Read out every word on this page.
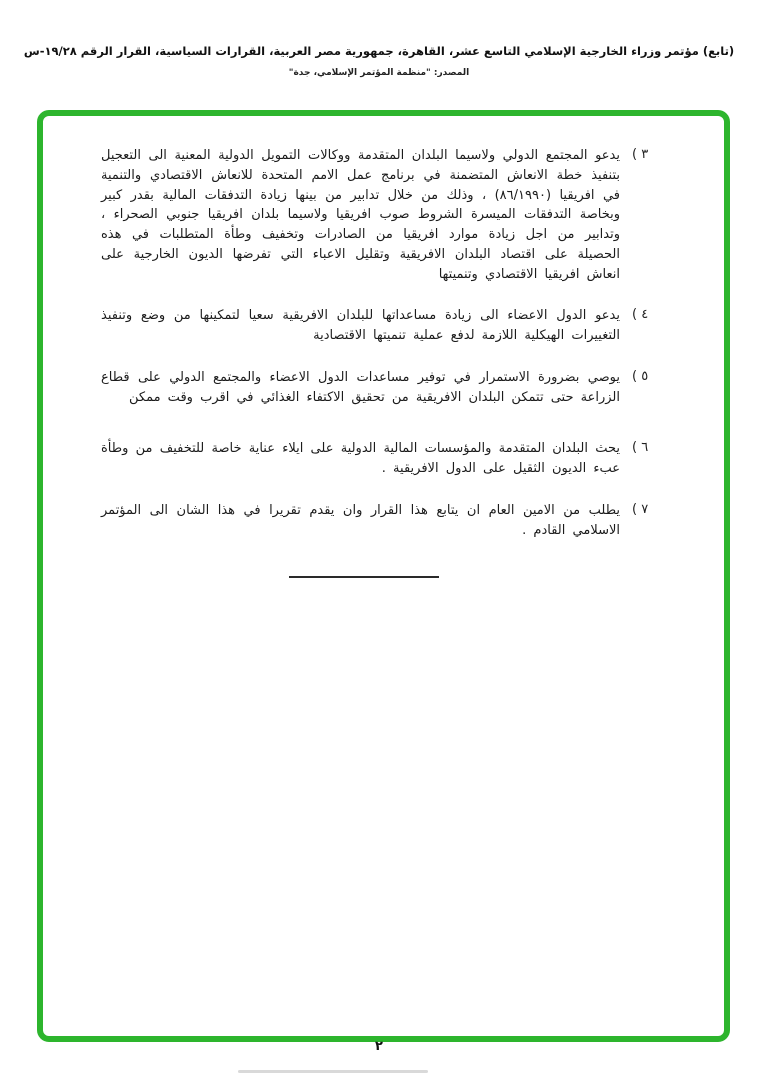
(تابع) مؤتمر وزراء الخارجية الإسلامي التاسع عشر، القاهرة، جمهورية مصر العربية، القرارات السياسية، القرار الرقم ١٩/٢٨-س
المصدر: "منظمة المؤتمر الإسلامي، جدة"
( ٣
يدعو المجتمع الدولي ولاسيما البلدان المتقدمة ووكالات التمويل الدولية المعنية الى التعجيل بتنفيذ خطة الانعاش المتضمنة في برنامج عمل الامم المتحدة للانعاش الاقتصادي والتنمية في افريقيا (٨٦/١٩٩٠) ، وذلك من خلال تدابير من بينها زيادة التدفقات المالية بقدر كبير وبخاصة التدفقات الميسرة الشروط صوب افريقيا ولاسيما بلدان افريقيا جنوبي الصحراء ، وتدابير من اجل زيادة موارد افريقيا من الصادرات وتخفيف وطأة المتطلبات في هذه الحصيلة على اقتصاد البلدان الافريقية وتقليل الاعباء التي تفرضها الديون الخارجية على انعاش افريقيا الاقتصادي وتنميتها
( ٤
يدعو الدول الاعضاء الى زيادة مساعداتها للبلدان الافريقية سعيا لتمكينها من وضع وتنفيذ التغييرات الهيكلية اللازمة لدفع عملية تنميتها الاقتصادية
( ٥
يوصي بضرورة الاستمرار في توفير مساعدات الدول الاعضاء والمجتمع الدولي على قطاع الزراعة حتى تتمكن البلدان الافريقية من تحقيق الاكتفاء الغذائي في اقرب وقت ممكن
( ٦
يحث البلدان المتقدمة والمؤسسات المالية الدولية على ايلاء عناية خاصة للتخفيف من وطأة عبء الديون الثقيل على الدول الافريقية .
( ٧
يطلب من الامين العام ان يتابع هذا القرار وان يقدم تقريرا في هذا الشان الى المؤتمر الاسلامي القادم .
٢
